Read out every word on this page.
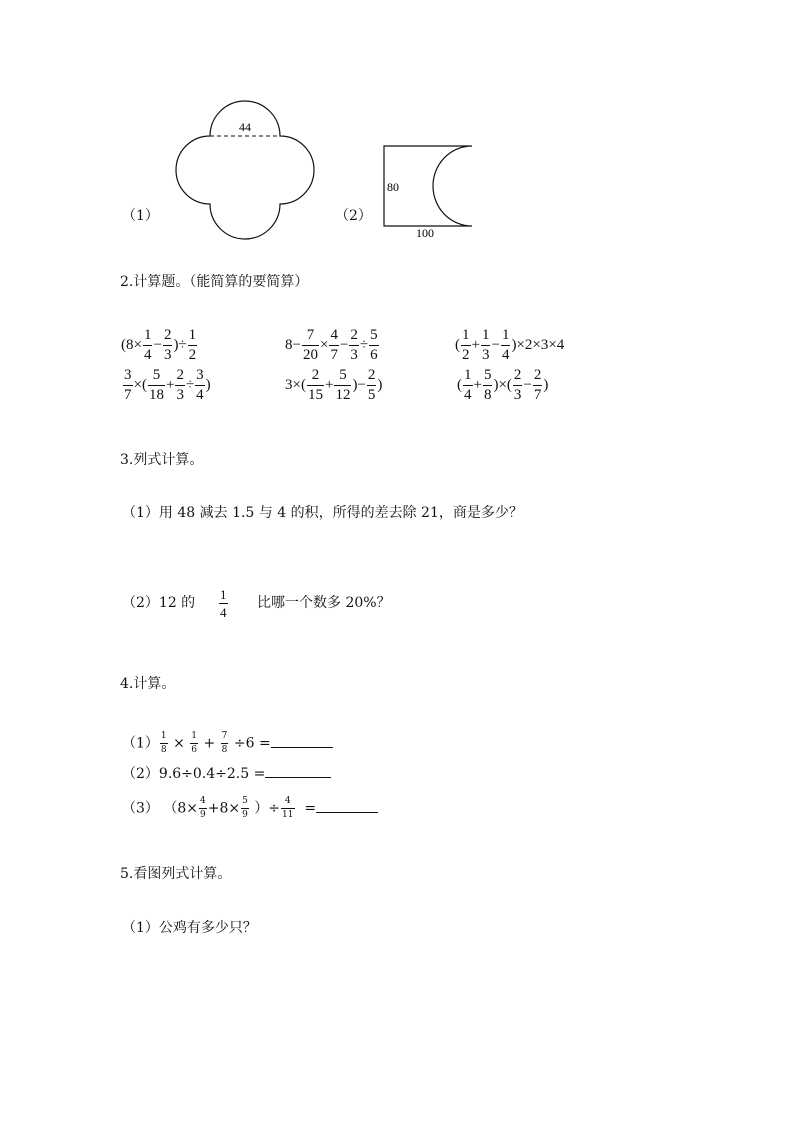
（1）
44
（2）
80
100
2.计算题。（能简算的要简算）
($8\times \frac{1}{4} - \frac{2}{3}$ )÷ $\frac{1}{2}$	$8- \frac{7}{20} \times \frac{4}{7} - \frac{2}{3} \div \frac{5}{6}$	( $\frac{1}{2} + \frac{1}{3} - \frac{1}{4} )\times 2\times 3\times 4$
$\frac{3}{7}$ ×( $\frac{5}{18} + \frac{2}{3} \div \frac{3}{4}$ )	$3\times( \frac{2}{15} + \frac{5}{12}$ )− $\frac{2}{5}$ )	( $\frac{1}{4} + \frac{5}{8}$ )×( $\frac{2}{3} - \frac{2}{7}$ )
3.列式计算。
（1）用 48 减去 1.5 与 4 的积，所得的差去除 21，商是多少？
（2）12 的 $\frac{1}{4}$ 比哪一个数多 20%？
4.计算。
$(1) \frac{1}{8} \times \frac{1}{6} + \frac{7}{8} \div 6$ =
（2）9.6÷0.4÷2.5 =
（3） （$8\times \frac{4}{9} +8\times \frac{5}{9}$ ）÷ $\frac{4}{11}$ =
5.看图列式计算。
（1）公鸡有多少只？
